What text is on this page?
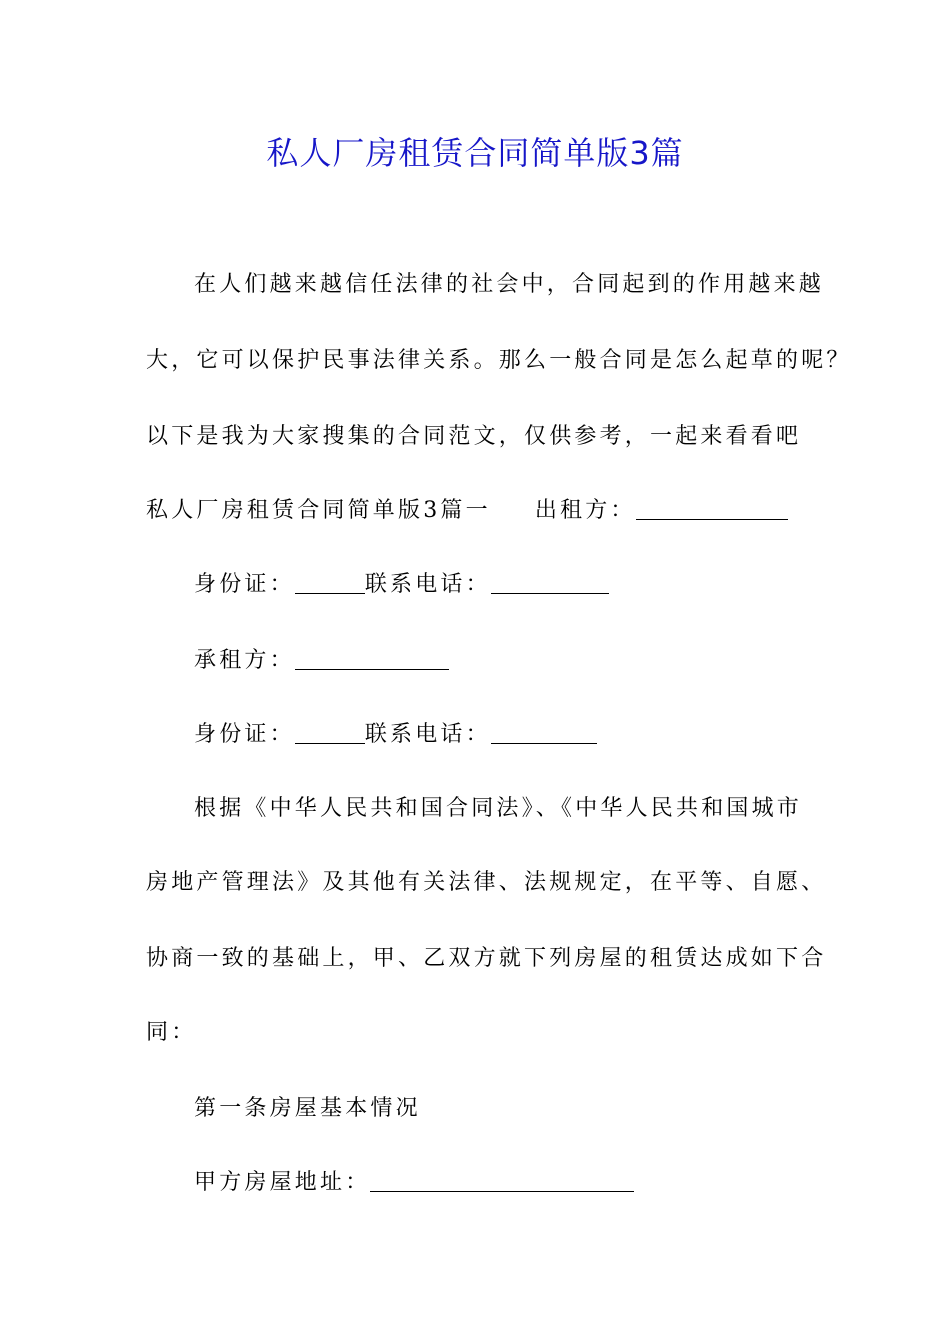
私人厂房租赁合同简单版3篇
在人们越来越信任法律的社会中，合同起到的作用越来越
大，它可以保护民事法律关系。那么一般合同是怎么起草的呢？
以下是我为大家搜集的合同范文，仅供参考，一起来看看吧
私人厂房租赁合同简单版3篇一 出租方：
身份证：	联系电话：
承租方：
身份证：	联系电话：
根据《中华人民共和国合同法》、《中华人民共和国城市
房地产管理法》及其他有关法律、法规规定，在平等、自愿、
协商一致的基础上，甲、乙双方就下列房屋的租赁达成如下合
同：
第一条房屋基本情况
甲方房屋地址：
